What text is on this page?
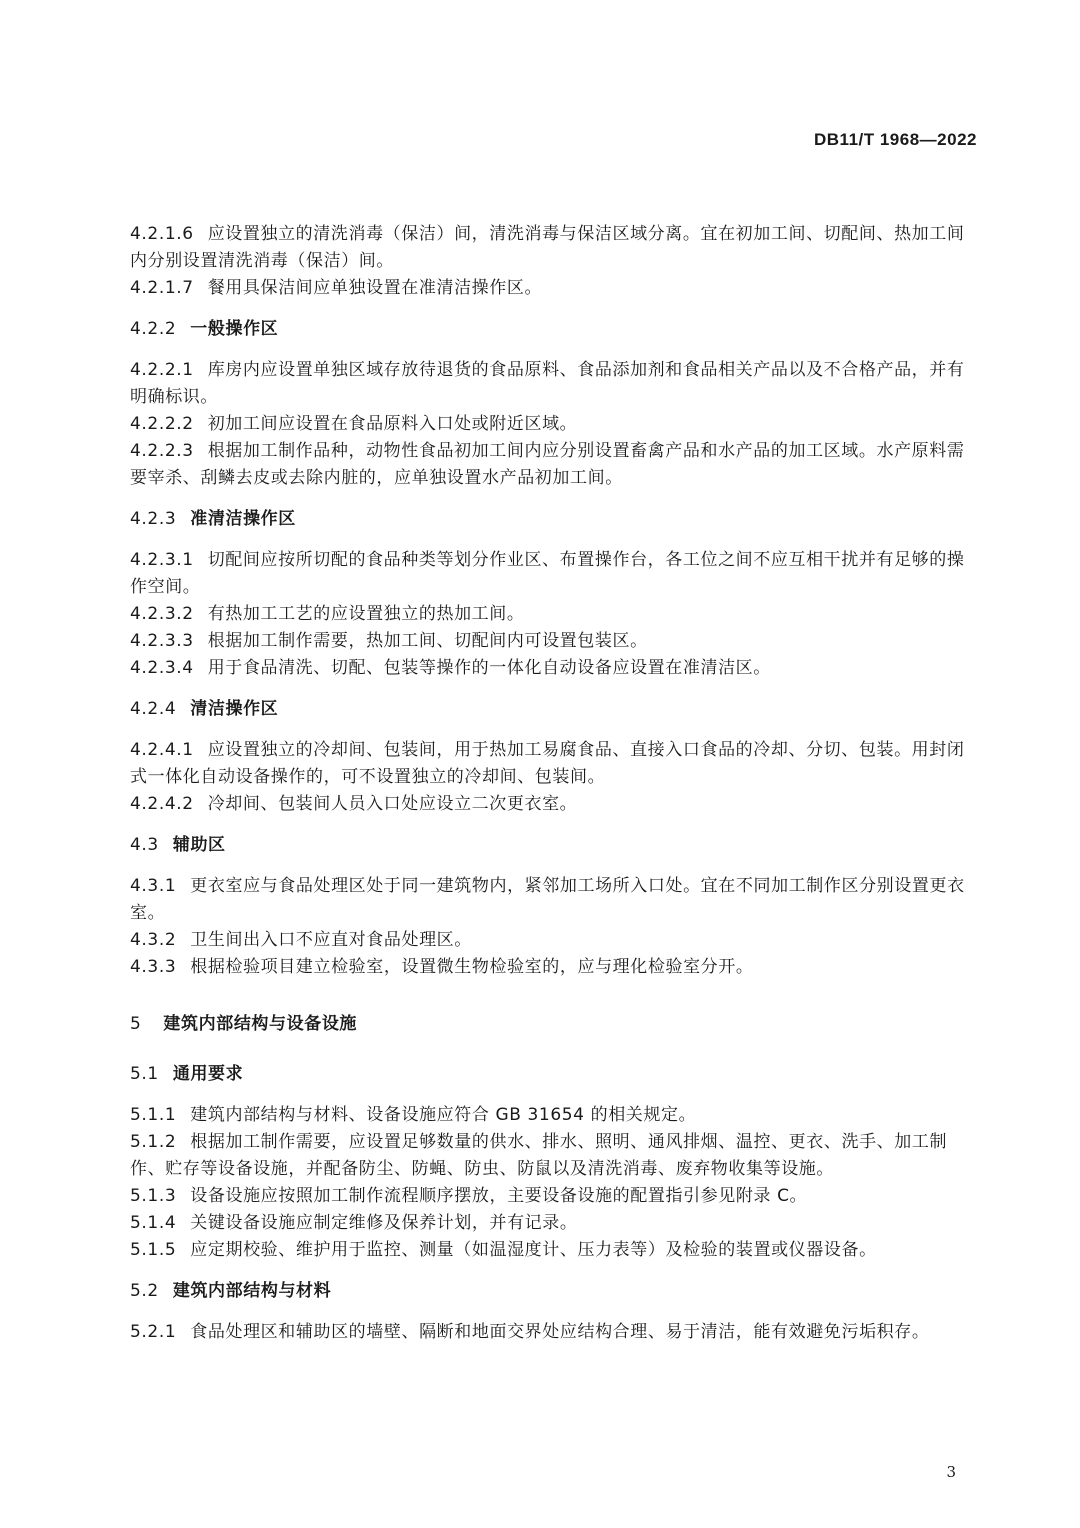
DB11/T 1968—2022

4.2.1.6 应设置独立的清洗消毒（保洁）间，清洗消毒与保洁区域分离。宜在初加工间、切配间、热加工间内分别设置清洗消毒（保洁）间。

4.2.1.7 餐用具保洁间应单独设置在准清洁操作区。

4.2.2 一般操作区

4.2.2.1 库房内应设置单独区域存放待退货的食品原料、食品添加剂和食品相关产品以及不合格产品，并有明确标识。

4.2.2.2 初加工间应设置在食品原料入口处或附近区域。

4.2.2.3 根据加工制作品种，动物性食品初加工间内应分别设置畜禽产品和水产品的加工区域。水产原料需要宰杀、刮鳞去皮或去除内脏的，应单独设置水产品初加工间。

4.2.3 准清洁操作区

4.2.3.1 切配间应按所切配的食品种类等划分作业区、布置操作台，各工位之间不应互相干扰并有足够的操作空间。

4.2.3.2 有热加工工艺的应设置独立的热加工间。

4.2.3.3 根据加工制作需要，热加工间、切配间内可设置包装区。

4.2.3.4 用于食品清洗、切配、包装等操作的一体化自动设备应设置在准清洁区。

4.2.4 清洁操作区

4.2.4.1 应设置独立的冷却间、包装间，用于热加工易腐食品、直接入口食品的冷却、分切、包装。用封闭式一体化自动设备操作的，可不设置独立的冷却间、包装间。

4.2.4.2 冷却间、包装间人员入口处应设立二次更衣室。

4.3 辅助区

4.3.1 更衣室应与食品处理区处于同一建筑物内，紧邻加工场所入口处。宜在不同加工制作区分别设置更衣室。

4.3.2 卫生间出入口不应直对食品处理区。

4.3.3 根据检验项目建立检验室，设置微生物检验室的，应与理化检验室分开。

5 建筑内部结构与设备设施

5.1 通用要求

5.1.1 建筑内部结构与材料、设备设施应符合 GB 31654 的相关规定。

5.1.2 根据加工制作需要，应设置足够数量的供水、排水、照明、通风排烟、温控、更衣、洗手、加工制作、贮存等设备设施，并配备防尘、防蝇、防虫、防鼠以及清洗消毒、废弃物收集等设施。

5.1.3 设备设施应按照加工制作流程顺序摆放，主要设备设施的配置指引参见附录 C。

5.1.4 关键设备设施应制定维修及保养计划，并有记录。

5.1.5 应定期校验、维护用于监控、测量（如温湿度计、压力表等）及检验的装置或仪器设备。

5.2 建筑内部结构与材料

5.2.1 食品处理区和辅助区的墙壁、隔断和地面交界处应结构合理、易于清洁，能有效避免污垢积存。

3
